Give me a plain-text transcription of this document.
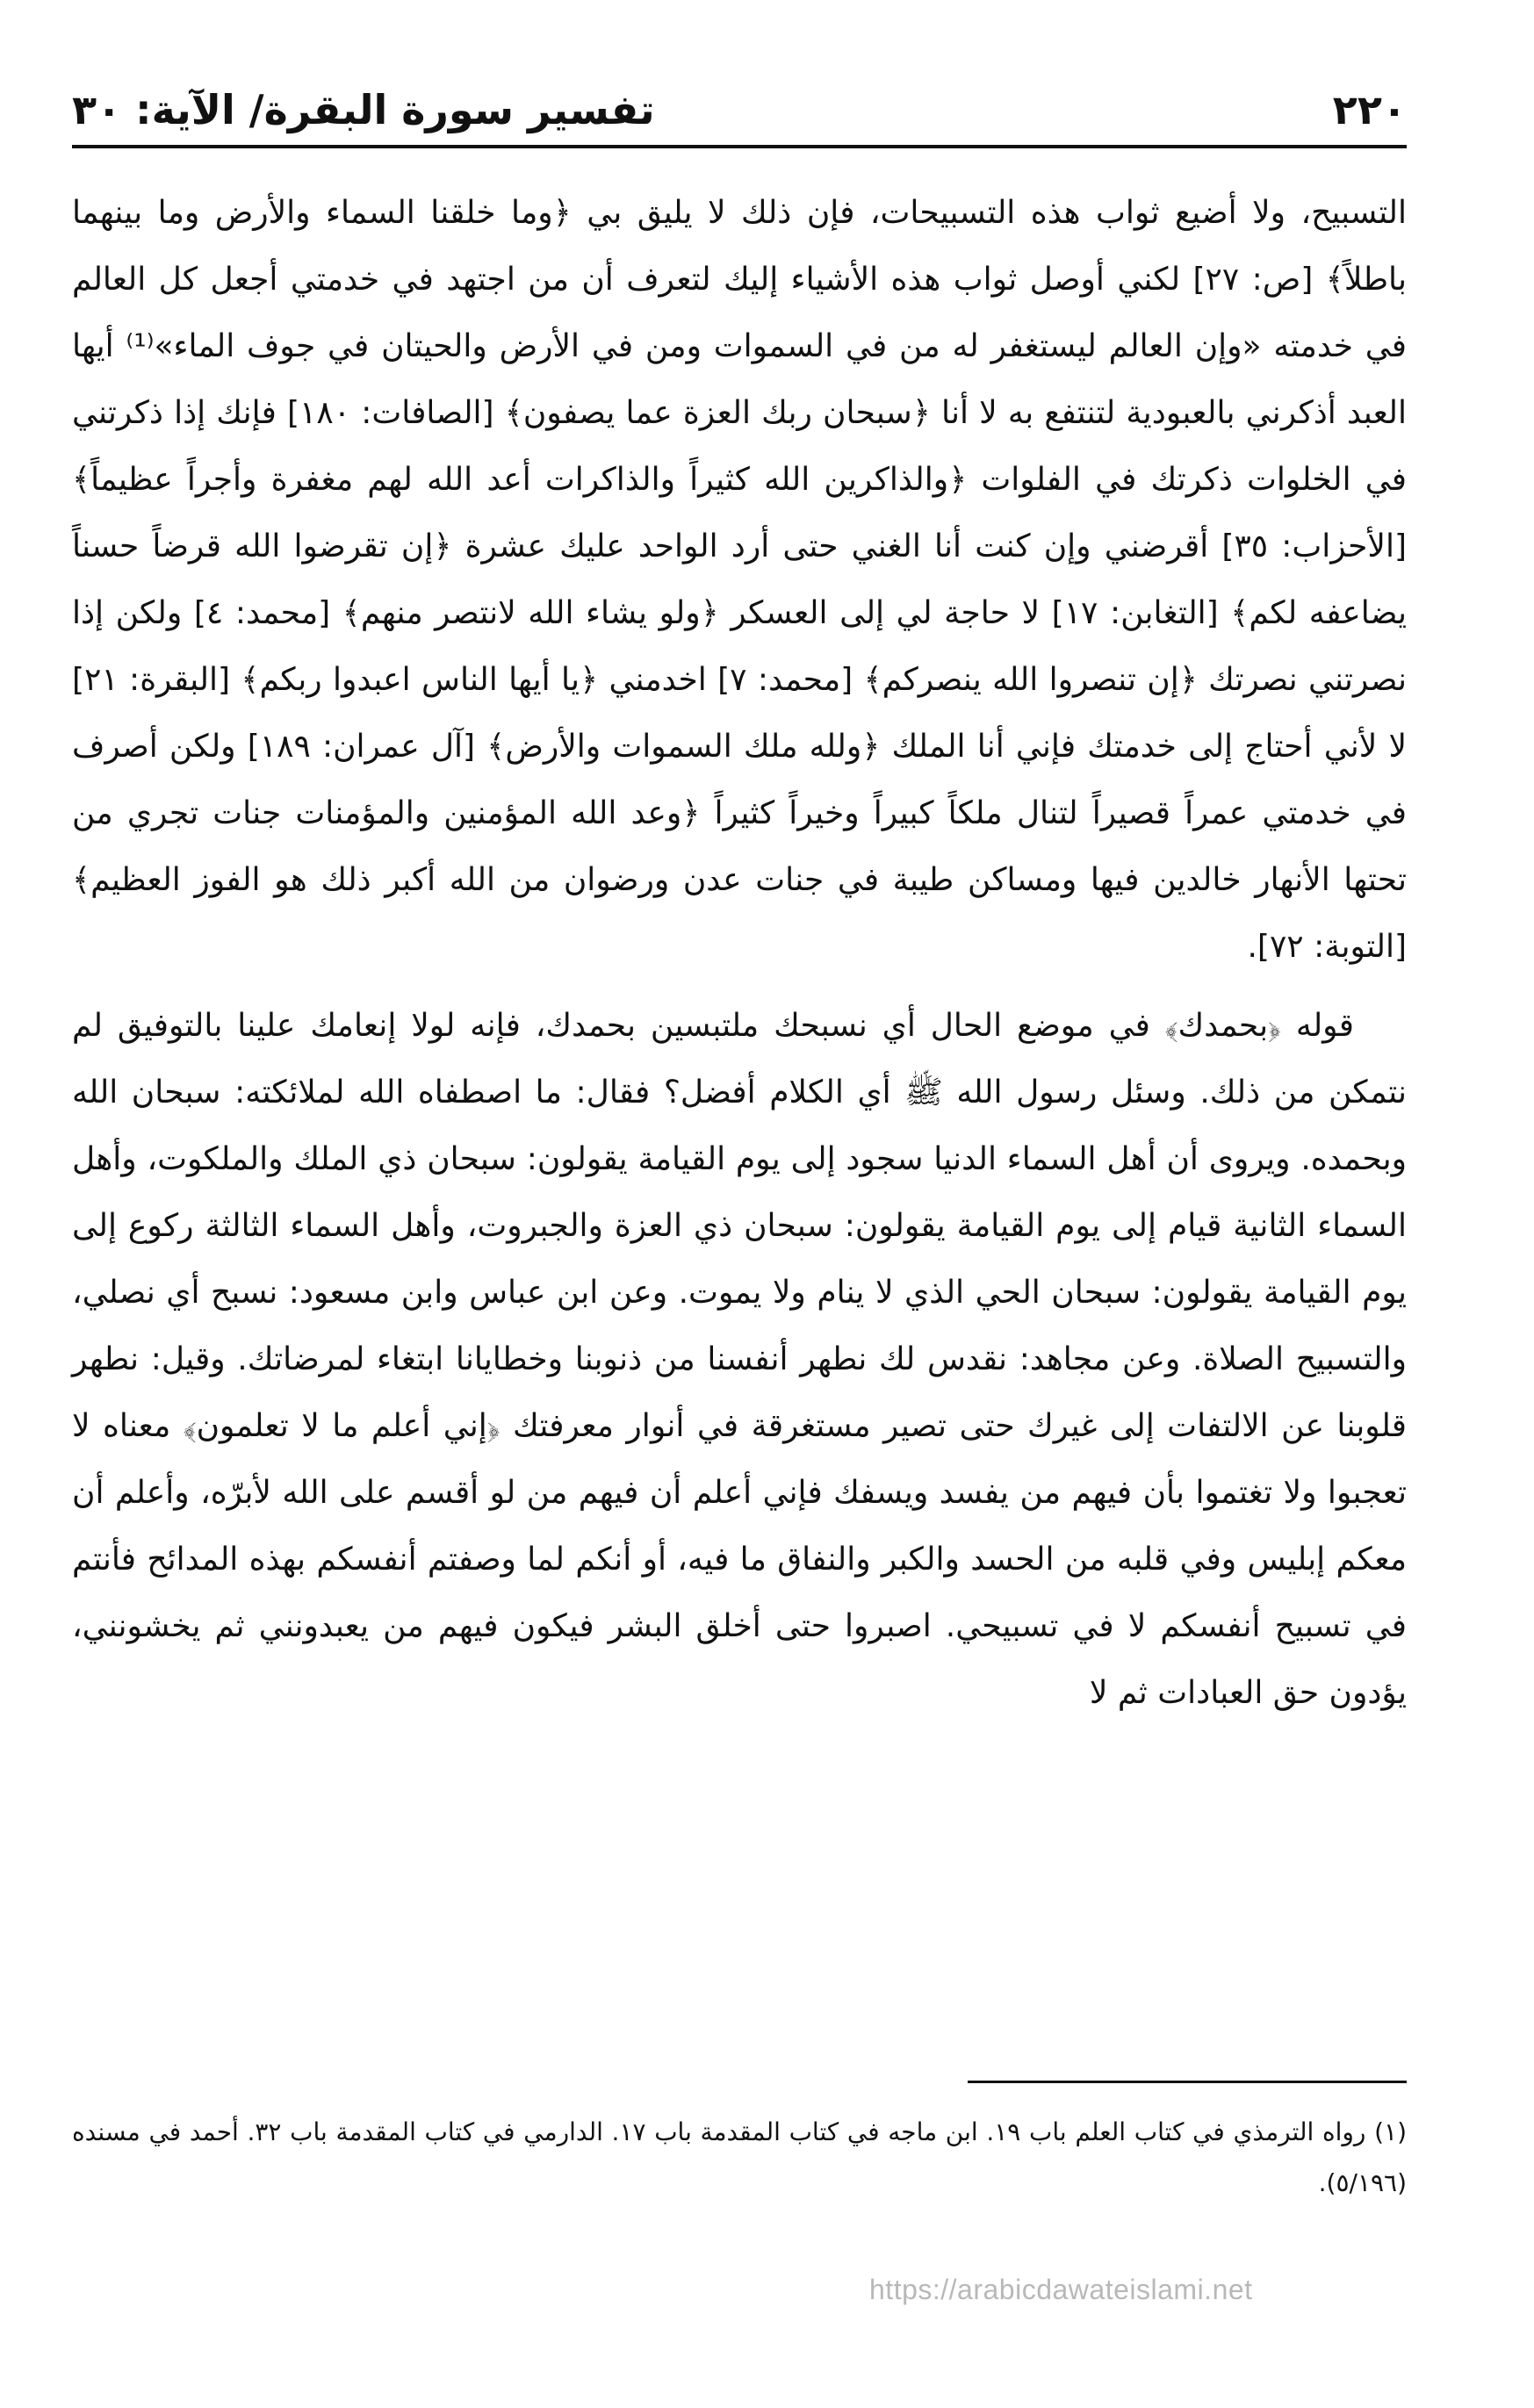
٢٢٠
تفسير سورة البقرة/ الآية: ٣٠

التسبيح، ولا أضيع ثواب هذه التسبيحات، فإن ذلك لا يليق بي ﴿وما خلقنا السماء والأرض وما بينهما باطلاً﴾ [ص: ٢٧] لكني أوصل ثواب هذه الأشياء إليك لتعرف أن من اجتهد في خدمتي أجعل كل العالم في خدمته «وإن العالم ليستغفر له من في السموات ومن في الأرض والحيتان في جوف الماء»⁽¹⁾ أيها العبد أذكرني بالعبودية لتنتفع به لا أنا ﴿سبحان ربك العزة عما يصفون﴾ [الصافات: ١٨٠] فإنك إذا ذكرتني في الخلوات ذكرتك في الفلوات ﴿والذاكرين الله كثيراً والذاكرات أعد الله لهم مغفرة وأجراً عظيماً﴾ [الأحزاب: ٣٥] أقرضني وإن كنت أنا الغني حتى أرد الواحد عليك عشرة ﴿إن تقرضوا الله قرضاً حسناً يضاعفه لكم﴾ [التغابن: ١٧] لا حاجة لي إلى العسكر ﴿ولو يشاء الله لانتصر منهم﴾ [محمد: ٤] ولكن إذا نصرتني نصرتك ﴿إن تنصروا الله ينصركم﴾ [محمد: ٧] اخدمني ﴿يا أيها الناس اعبدوا ربكم﴾ [البقرة: ٢١] لا لأني أحتاج إلى خدمتك فإني أنا الملك ﴿ولله ملك السموات والأرض﴾ [آل عمران: ١٨٩] ولكن أصرف في خدمتي عمراً قصيراً لتنال ملكاً كبيراً وخيراً كثيراً ﴿وعد الله المؤمنين والمؤمنات جنات تجري من تحتها الأنهار خالدين فيها ومساكن طيبة في جنات عدن ورضوان من الله أكبر ذلك هو الفوز العظيم﴾ [التوبة: ٧٢].

قوله ﴿بحمدك﴾ في موضع الحال أي نسبحك ملتبسين بحمدك، فإنه لولا إنعامك علينا بالتوفيق لم نتمكن من ذلك. وسئل رسول الله ﷺ أي الكلام أفضل؟ فقال: ما اصطفاه الله لملائكته: سبحان الله وبحمده. ويروى أن أهل السماء الدنيا سجود إلى يوم القيامة يقولون: سبحان ذي الملك والملكوت، وأهل السماء الثانية قيام إلى يوم القيامة يقولون: سبحان ذي العزة والجبروت، وأهل السماء الثالثة ركوع إلى يوم القيامة يقولون: سبحان الحي الذي لا ينام ولا يموت. وعن ابن عباس وابن مسعود: نسبح أي نصلي، والتسبيح الصلاة. وعن مجاهد: نقدس لك نطهر أنفسنا من ذنوبنا وخطايانا ابتغاء لمرضاتك. وقيل: نطهر قلوبنا عن الالتفات إلى غيرك حتى تصير مستغرقة في أنوار معرفتك ﴿إني أعلم ما لا تعلمون﴾ معناه لا تعجبوا ولا تغتموا بأن فيهم من يفسد ويسفك فإني أعلم أن فيهم من لو أقسم على الله لأبرّه، وأعلم أن معكم إبليس وفي قلبه من الحسد والكبر والنفاق ما فيه، أو أنكم لما وصفتم أنفسكم بهذه المدائح فأنتم في تسبيح أنفسكم لا في تسبيحي. اصبروا حتى أخلق البشر فيكون فيهم من يعبدونني ثم يخشونني، يؤدون حق العبادات ثم لا

(١) رواه الترمذي في كتاب العلم باب ١٩. ابن ماجه في كتاب المقدمة باب ١٧. الدارمي في كتاب المقدمة باب ٣٢. أحمد في مسنده (٥/١٩٦).

https://arabicdawateislami.net
